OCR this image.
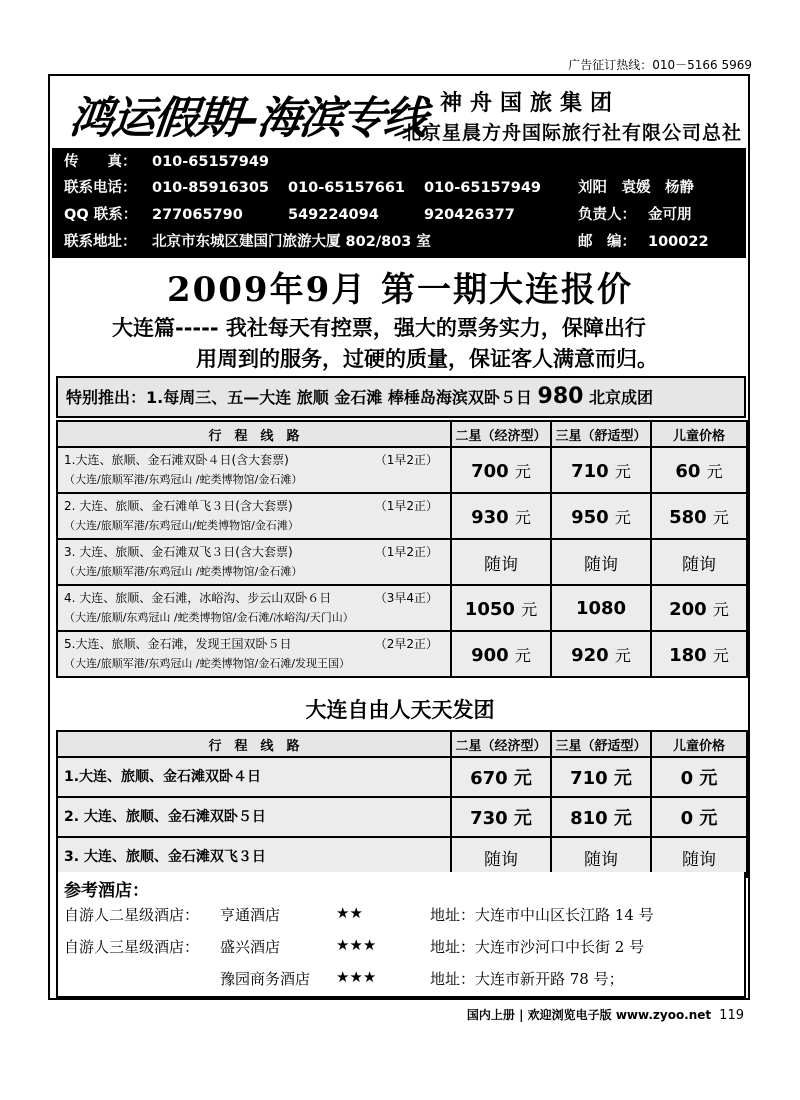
广告征订热线：010－5166 5969
鸿运假期–海滨专线 神舟国旅集团
北京星晨方舟国际旅行社有限公司总社
传　　真： 010-65157949
联系电话： 010-85916305 010-65157661 010-65157949	刘阳　袁媛　杨静
QQ 联系： 277065790	549224094	920426377	负责人： 金可朋
联系地址： 北京市东城区建国门旅游大厦 802/803 室	邮　编： 100022
2009年9月 第一期大连报价
大连篇----- 我社每天有控票，强大的票务实力，保障出行
用周到的服务，过硬的质量，保证客人满意而归。
特别推出：1.每周三、五—大连 旅顺 金石滩 棒棰岛海滨双卧５日 980 北京成团
行　程　线　路	二星（经济型）	三星（舒适型）	儿童价格

1.大连、旅顺、金石滩双卧４日(含大套票) （1早2正）
（大连/旅顺军港/东鸡冠山 /蛇类博物馆/金石滩）	700 元	710 元	60 元

2. 大连、旅顺、金石滩单飞３日(含大套票) （1早2正）
（大连/旅顺军港/东鸡冠山/蛇类博物馆/金石滩）	930 元	950 元	580 元

3. 大连、旅顺、金石滩双飞３日(含大套票) （1早2正）
（大连/旅顺军港/东鸡冠山 /蛇类博物馆/金石滩）	随询	随询	随询

4. 大连、旅顺、金石滩，冰峪沟、步云山双卧６日 （3早4正）
（大连/旅顺/东鸡冠山 /蛇类博物馆/金石滩/冰峪沟/天门山）	1050 元	1080	200 元

5.大连、旅顺、金石滩，发现王国双卧５日 （2早2正）
（大连/旅顺军港/东鸡冠山 /蛇类博物馆/金石滩/发现王国）	900 元	920 元	180 元
大连自由人天天发团
行　程　线　路	二星（经济型）	三星（舒适型）	儿童价格
1.大连、旅顺、金石滩双卧４日	670 元	710 元	0 元
2. 大连、旅顺、金石滩双卧５日	730 元	810 元	0 元
3. 大连、旅顺、金石滩双飞３日	随询	随询	随询
参考酒店：
自游人二星级酒店： 亨通酒店	★★	地址：大连市中山区长江路 14 号
自游人三星级酒店： 盛兴酒店	★★★	地址：大连市沙河口中长街 2 号
豫园商务酒店 ★★★	地址：大连市新开路 78 号；
国内上册 | 欢迎浏览电子版 www.zyoo.net 119
